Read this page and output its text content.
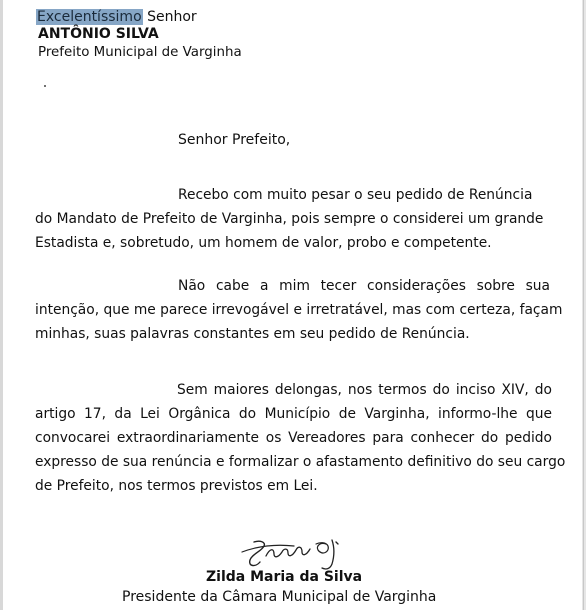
Excelentíssimo Senhor
ANTÔNIO SILVA
Prefeito Municipal de Varginha
Senhor Prefeito,
Recebo com muito pesar o seu pedido de Renúncia
do Mandato de Prefeito de Varginha, pois sempre o considerei um grande
Estadista e, sobretudo, um homem de valor, probo e competente.
Não cabe a mim tecer considerações sobre sua
intenção, que me parece irrevogável e irretratável, mas com certeza, façam
minhas, suas palavras constantes em seu pedido de Renúncia.
Sem maiores delongas, nos termos do inciso XIV, do
artigo 17, da Lei Orgânica do Município de Varginha, informo-lhe que
convocarei extraordinariamente os Vereadores para conhecer do pedido
expresso de sua renúncia e formalizar o afastamento definitivo do seu cargo
de Prefeito, nos termos previstos em Lei.
Zilda Maria da Silva
Presidente da Câmara Municipal de Varginha
